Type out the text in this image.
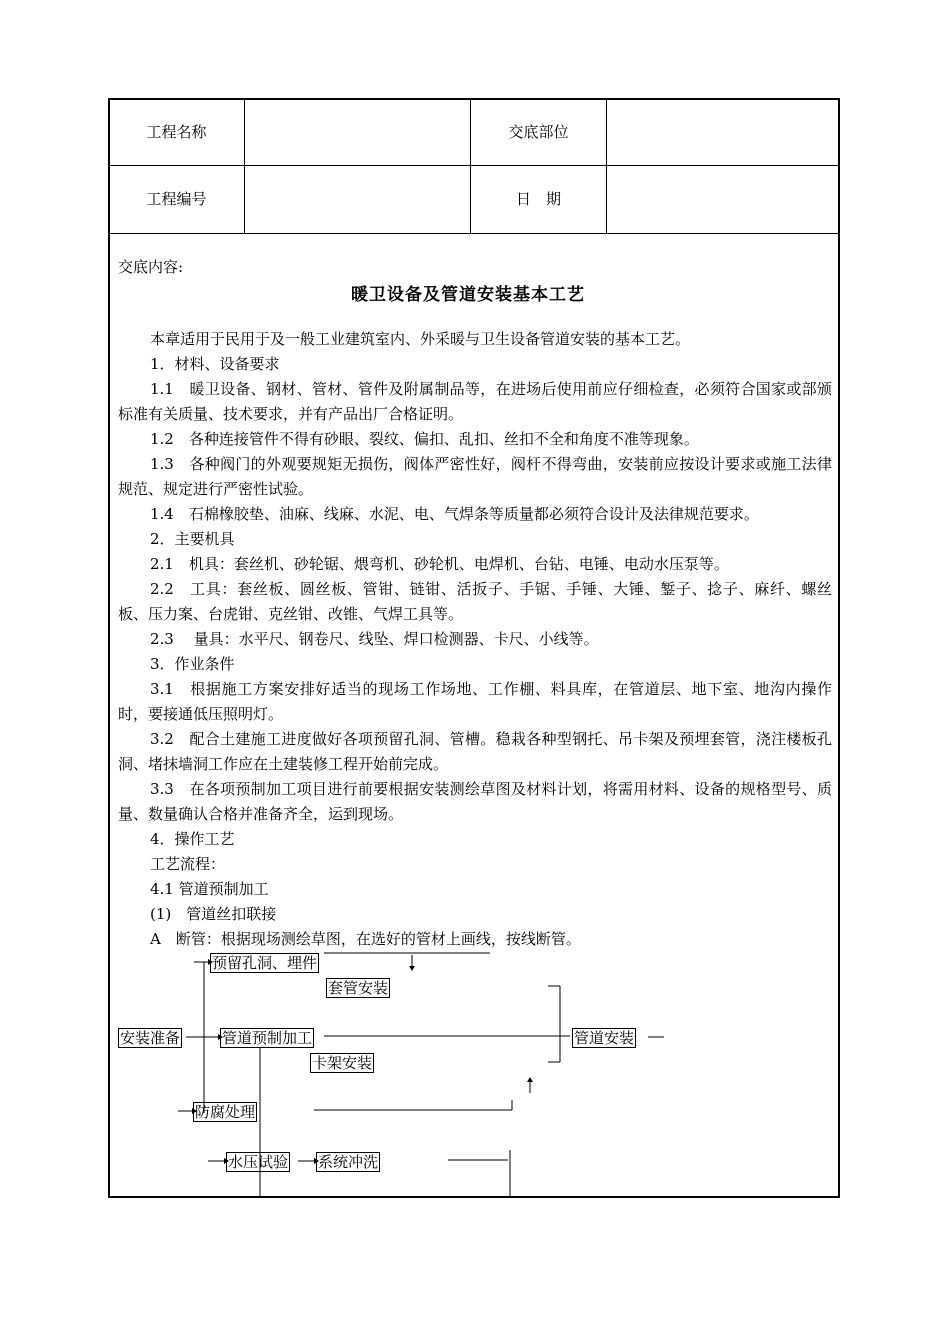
工程名称	交底部位
工程编号	日　期
交底内容:
暖卫设备及管道安装基本工艺
本章适用于民用于及一般工业建筑室内、外采暖与卫生设备管道安装的基本工艺。
1．材料、设备要求
1.1　暖卫设备、钢材、管材、管件及附属制品等，在进场后使用前应仔细检查，必须符合国家或部颁标准有关质量、技术要求，并有产品出厂合格证明。
1.2　各种连接管件不得有砂眼、裂纹、偏扣、乱扣、丝扣不全和角度不准等现象。
1.3　各种阀门的外观要规矩无损伤，阀体严密性好，阀杆不得弯曲，安装前应按设计要求或施工法律规范、规定进行严密性试验。
1.4　石棉橡胶垫、油麻、线麻、水泥、电、气焊条等质量都必须符合设计及法律规范要求。
2．主要机具
2.1　机具：套丝机、砂轮锯、煨弯机、砂轮机、电焊机、台钻、电锤、电动水压泵等。
2.2　工具：套丝板、圆丝板、管钳、链钳、活扳子、手锯、手锤、大锤、錾子、捻子、麻纤、螺丝板、压力案、台虎钳、克丝钳、改锥、气焊工具等。
2.3　 量具：水平尺、钢卷尺、线坠、焊口检测器、卡尺、小线等。
3．作业条件
3.1　根据施工方案安排好适当的现场工作场地、工作棚、料具库，在管道层、地下室、地沟内操作时，要接通低压照明灯。
3.2　配合土建施工进度做好各项预留孔洞、管槽。稳栽各种型钢托、吊卡架及预埋套管，浇注楼板孔洞、堵抹墙洞工作应在土建装修工程开始前完成。
3.3　在各项预制加工项目进行前要根据安装测绘草图及材料计划，将需用材料、设备的规格型号、质量、数量确认合格并准备齐全，运到现场。
4．操作工艺
工艺流程：
4.1 管道预制加工
(1)　管道丝扣联接
A　断管：根据现场测绘草图，在选好的管材上画线，按线断管。
预留孔洞、埋件
套管安装
安装准备	管道预制加工	管道安装
卡架安装
防腐处理
水压试验 系统冲洗
